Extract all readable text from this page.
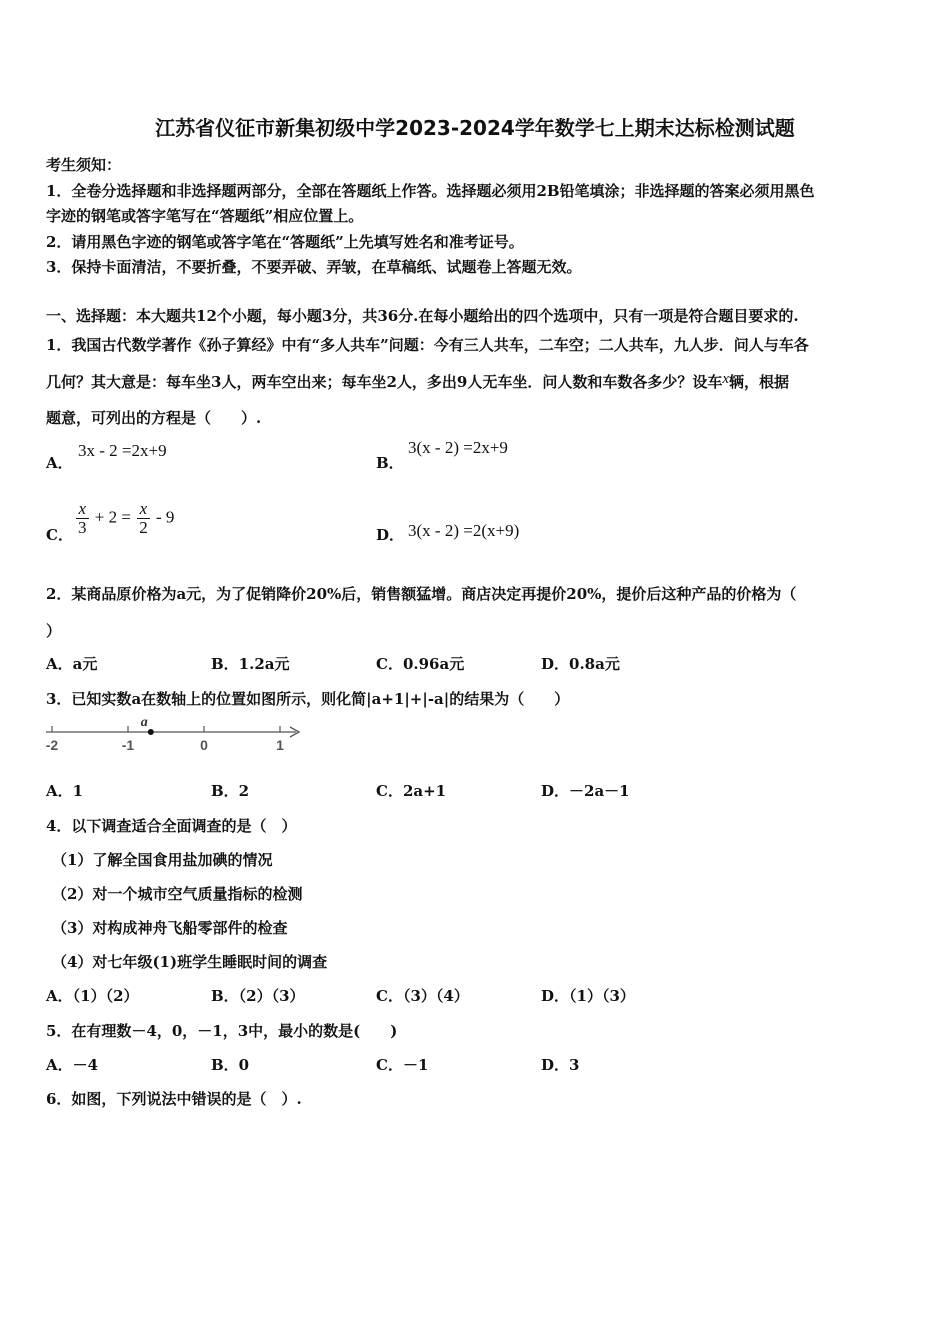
江苏省仪征市新集初级中学2023-2024学年数学七上期末达标检测试题
考生须知：
1．全卷分选择题和非选择题两部分，全部在答题纸上作答。选择题必须用2B铅笔填涂；非选择题的答案必须用黑色
字迹的钢笔或答字笔写在“答题纸”相应位置上。
2．请用黑色字迹的钢笔或答字笔在“答题纸”上先填写姓名和准考证号。
3．保持卡面清洁，不要折叠，不要弄破、弄皱，在草稿纸、试题卷上答题无效。
一、选择题：本大题共12个小题，每小题3分，共36分.在每小题给出的四个选项中，只有一项是符合题目要求的.
1．我国古代数学著作《孙子算经》中有“多人共车”问题：今有三人共车，二车空；二人共车，九人步．问人与车各
几何？其大意是：每车坐3人，两车空出来；每车坐2人，多出9人无车坐．问人数和车数各多少？设车x辆，根据
题意，可列出的方程是（　　）.
A．
3x - 2 =2x+9
B．
3(x - 2) =2x+9
C． $\frac{x}{3} + 2 = \frac{x}{2} - 9$
D． 3(x - 2) =2(x+9)
2．某商品原价格为a元，为了促销降价20%后，销售额猛增。商店决定再提价20%，提价后这种产品的价格为（
）
A．a元	B．1.2a元	C．0.96a元	D．0.8a元
3．已知实数a在数轴上的位置如图所示，则化简|a+1|+|-a|的结果为（　　）
-2	-1	0	1
a
A．1	B．2	C．2a+1	D．－2a－1
4．以下调查适合全面调查的是（　）
（1）了解全国食用盐加碘的情况
（2）对一个城市空气质量指标的检测
（3）对构成神舟飞船零部件的检查
（4）对七年级(1)班学生睡眠时间的调查
A．（1）（2）	B．（2）（3）	C．（3）（4）	D．（1）（3）
5．在有理数－4，0，－1，3中，最小的数是(　　)
A．－4	B．0	C．－1	D．3
6．如图，下列说法中错误的是（　）.
